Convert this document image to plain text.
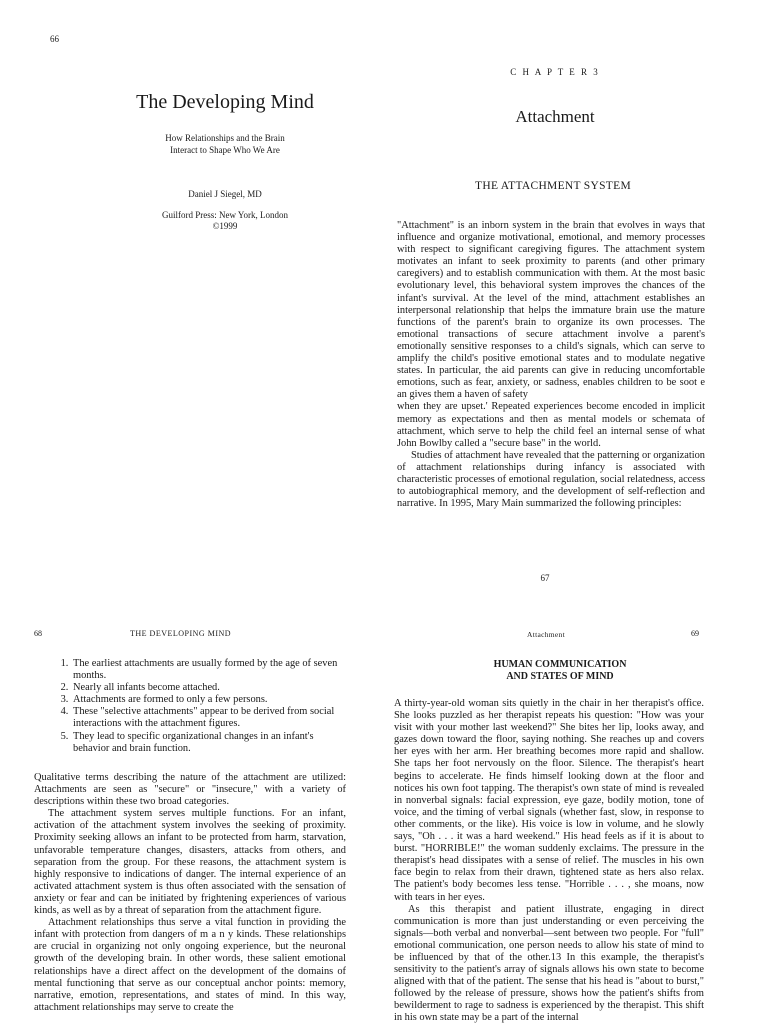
66
The Developing Mind
How Relationships and the Brain
Interact to Shape Who We Are
Daniel J Siegel, MD
Guilford Press: New York, London
©1999
C H A P T E R 3
Attachment
THE ATTACHMENT SYSTEM

"Attachment" is an inborn system in the brain that evolves in ways that influence and organize motivational, emotional, and memory processes with respect to significant caregiving figures. The attachment system motivates an infant to seek proximity to parents (and other primary caregivers) and to establish communication with them. At the most basic evolutionary level, this behavioral system improves the chances of the infant's survival. At the level of the mind, attachment establishes an interpersonal relationship that helps the immature brain use the mature functions of the parent's brain to organize its own processes. The emotional transactions of secure attachment involve a parent's emotionally sensitive responses to a child's signals, which can serve to amplify the child's positive emotional states and to modulate negative states. In particular, the aid parents can give in reducing uncomfortable emotions, such as fear, anxiety, or sadness, enables children to be soot e an gives them a haven of safety

when they are upset.' Repeated experiences become encoded in implicit memory as expectations and then as mental models or schemata of attachment, which serve to help the child feel an internal sense of what John Bowlby called a "secure base" in the world.

Studies of attachment have revealed that the patterning or organization of attachment relationships during infancy is associated with characteristic processes of emotional regulation, social relatedness, access to autobiographical memory, and the development of self-reflection and narrative. In 1995, Mary Main summarized the following principles:

67
68	THE DEVELOPING MIND	Attachment	69
1. The earliest attachments are usually formed by the age of seven months.
2. Nearly all infants become attached.
3. Attachments are formed to only a few persons.
4. These "selective attachments" appear to be derived from social interactions with the attachment figures.
5. They lead to specific organizational changes in an infant's behavior and brain function.

Qualitative terms describing the nature of the attachment are utilized: Attachments are seen as "secure" or "insecure," with a variety of descriptions within these two broad categories.

The attachment system serves multiple functions. For an infant, activation of the attachment system involves the seeking of proximity. Proximity seeking allows an infant to be protected from harm, starvation, unfavorable temperature changes, disasters, attacks from others, and separation from the group. For these reasons, the attachment system is highly responsive to indications of danger. The internal experience of an activated attachment system is thus often associated with the sensation of anxiety or fear and can be initiated by frightening experiences of various kinds, as well as by a threat of separation from the attachment figure.

Attachment relationships thus serve a vital function in providing the infant with protection from dangers of m a n y kinds. These relationships are crucial in organizing not only ongoing experience, but the neuronal growth of the developing brain. In other words, these salient emotional relationships have a direct affect on the development of the domains of mental functioning that serve as our conceptual anchor points: memory, narrative, emotion, representations, and states of mind. In this way, attachment relationships may serve to create the

HUMAN COMMUNICATION
AND STATES OF MIND

A thirty-year-old woman sits quietly in the chair in her therapist's office. She looks puzzled as her therapist repeats his question: "How was your visit with your mother last weekend?" She bites her lip, looks away, and gazes down toward the floor, saying nothing. She reaches up and covers her eyes with her arm. Her breathing becomes more rapid and shallow. She taps her foot nervously on the floor. Silence. The therapist's heart begins to accelerate. He finds himself looking down at the floor and notices his own foot tapping. The therapist's own state of mind is revealed in nonverbal signals: facial expression, eye gaze, bodily motion, tone of voice, and the timing of verbal signals (whether fast, slow, in response to other comments, or the like). His voice is low in volume, and he slowly says, "Oh . . . it was a hard weekend." His head feels as if it is about to burst. "HORRIBLE!" the woman suddenly exclaims. The pressure in the therapist's head dissipates with a sense of relief. The muscles in his own face begin to relax from their drawn, tightened state as hers also relax. The patient's body becomes less tense. "Horrible . . . , she moans, now with tears in her eyes.

As this therapist and patient illustrate, engaging in direct communication is more than just understanding or even perceiving the signals—both verbal and nonverbal—sent between two people. For "full" emotional communication, one person needs to allow his state of mind to be influenced by that of the other.13 In this example, the therapist's sensitivity to the patient's array of signals allows his own state to become aligned with that of the patient. The sense that his head is "about to burst," followed by the release of pressure, shows how the patient's shifts from bewilderment to rage to sadness is experienced by the therapist. This shift in his own state may be a part of the internal
